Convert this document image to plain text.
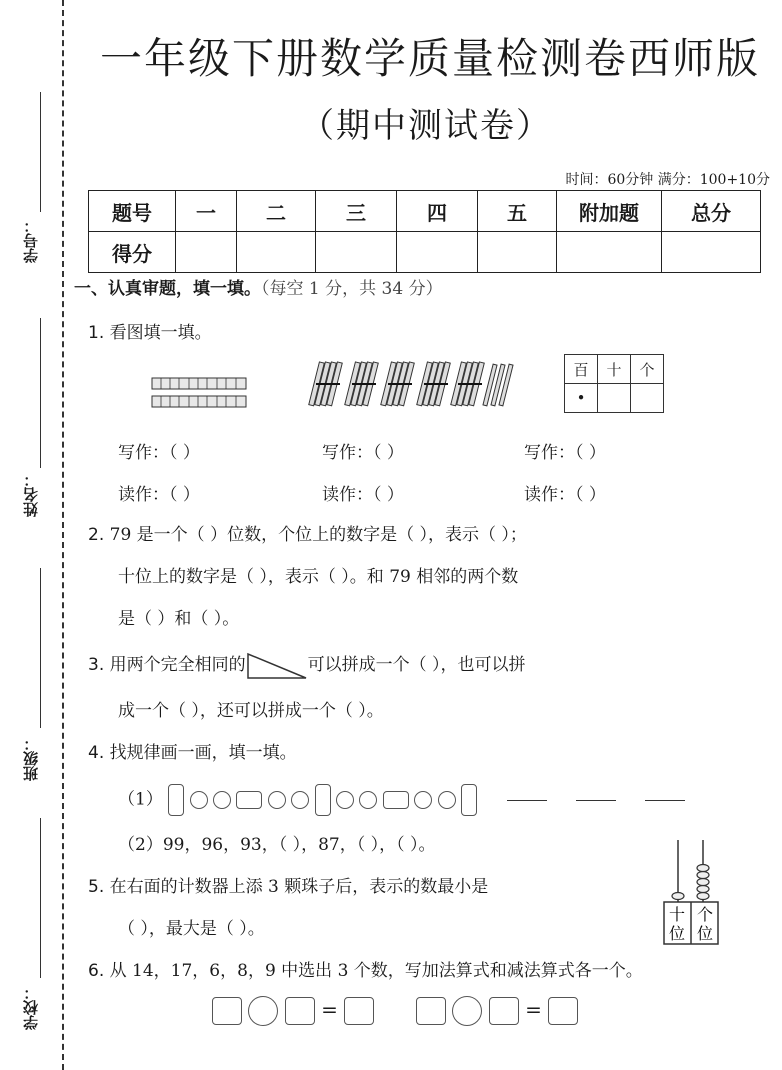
学号：
姓名：
班级：
学校：
一年级下册数学质量检测卷西师版
（期中测试卷）
时间：60分钟 满分：100+10分
题号	一	二	三	四	五	附加题	总分
得分							
一、认真审题，填一填。（每空 1 分，共 34 分）
1. 看图填一填。
百	十	个
•		
写作：（ ）	写作：（ ）	写作：（ ）
读作：（ ）	读作：（ ）	读作：（ ）
2. 79 是一个（ ）位数，个位上的数字是（ ），表示（ ）；
十位上的数字是（ ），表示（ ）。和 79 相邻的两个数
是（ ）和（ ）。
3. 用两个完全相同的	可以拼成一个（ ），也可以拼
成一个（ ），还可以拼成一个（ ）。
4. 找规律画一画，填一填。
（1）
（2）99，96，93，（ ），87，（ ），（ ）。
5. 在右面的计数器上添 3 颗珠子后，表示的数最小是
（ ），最大是（ ）。
十 个
位 位
6. 从 14，17，6，8，9 中选出 3 个数，写加法算式和减法算式各一个。
=	=
